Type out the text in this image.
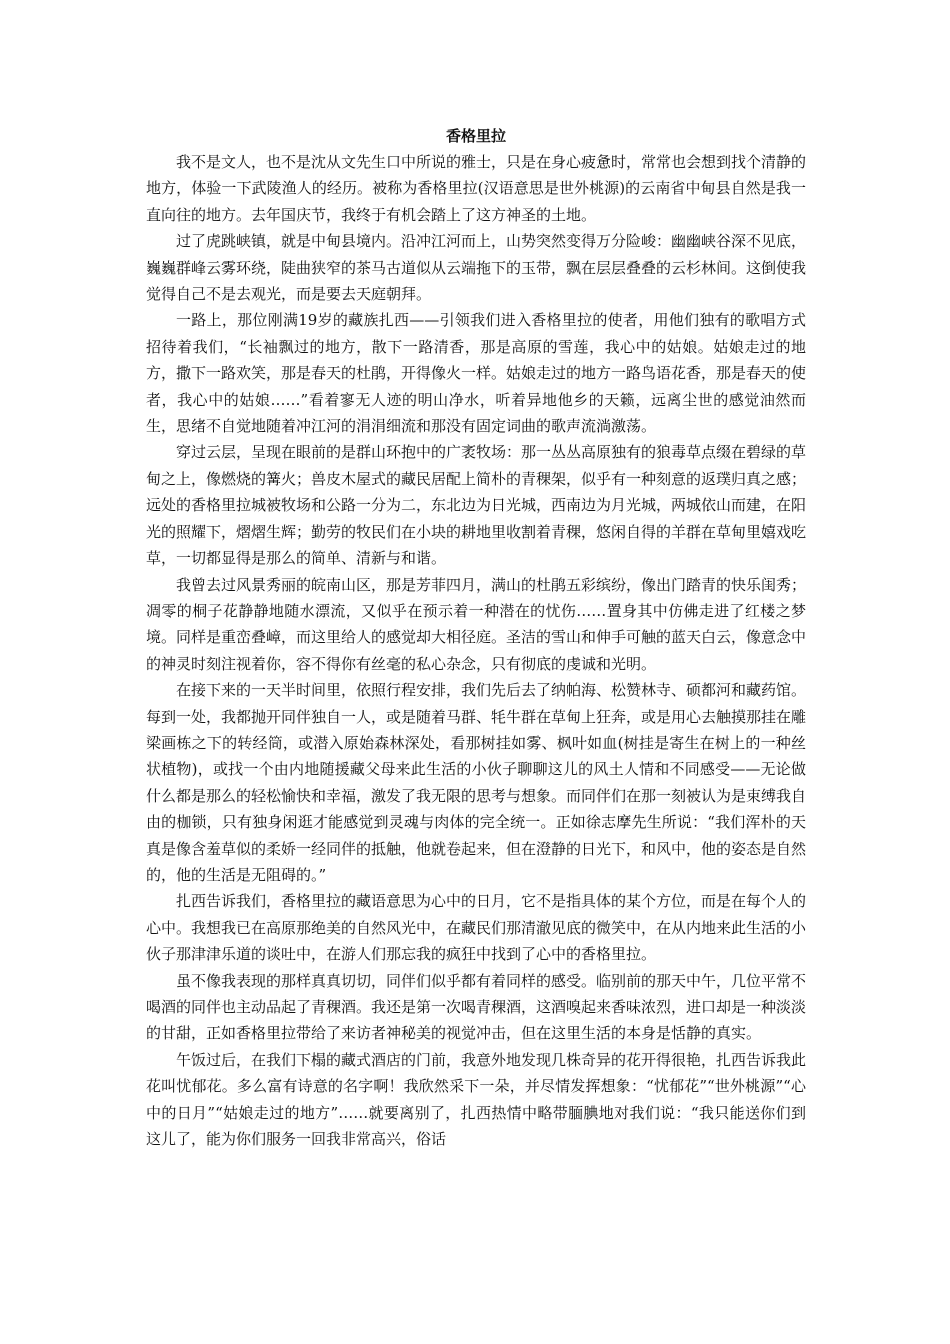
香格里拉

我不是文人，也不是沈从文先生口中所说的雅士，只是在身心疲惫时，常常也会想到找个清静的地方，体验一下武陵渔人的经历。被称为香格里拉(汉语意思是世外桃源)的云南省中甸县自然是我一直向往的地方。去年国庆节，我终于有机会踏上了这方神圣的土地。

过了虎跳峡镇，就是中甸县境内。沿冲江河而上，山势突然变得万分险峻：幽幽峡谷深不见底，巍巍群峰云雾环绕，陡曲狭窄的茶马古道似从云端拖下的玉带，飘在层层叠叠的云杉林间。这倒使我觉得自己不是去观光，而是要去天庭朝拜。

一路上，那位刚满19岁的藏族扎西——引领我们进入香格里拉的使者，用他们独有的歌唱方式招待着我们，“长袖飘过的地方，散下一路清香，那是高原的雪莲，我心中的姑娘。姑娘走过的地方，撒下一路欢笑，那是春天的杜鹃，开得像火一样。姑娘走过的地方一路鸟语花香，那是春天的使者，我心中的姑娘……”看着寥无人迹的明山净水，听着异地他乡的天籁，远离尘世的感觉油然而生，思绪不自觉地随着冲江河的涓涓细流和那没有固定词曲的歌声流淌激荡。

穿过云层，呈现在眼前的是群山环抱中的广袤牧场：那一丛丛高原独有的狼毒草点缀在碧绿的草甸之上，像燃烧的篝火；兽皮木屋式的藏民居配上简朴的青稞架，似乎有一种刻意的返璞归真之感；远处的香格里拉城被牧场和公路一分为二，东北边为日光城，西南边为月光城，两城依山而建，在阳光的照耀下，熠熠生辉；勤劳的牧民们在小块的耕地里收割着青稞，悠闲自得的羊群在草甸里嬉戏吃草，一切都显得是那么的简单、清新与和谐。

我曾去过风景秀丽的皖南山区，那是芳菲四月，满山的杜鹃五彩缤纷，像出门踏青的快乐闺秀；凋零的桐子花静静地随水漂流，又似乎在预示着一种潜在的忧伤……置身其中仿佛走进了红楼之梦境。同样是重峦叠嶂，而这里给人的感觉却大相径庭。圣洁的雪山和伸手可触的蓝天白云，像意念中的神灵时刻注视着你，容不得你有丝毫的私心杂念，只有彻底的虔诚和光明。

在接下来的一天半时间里，依照行程安排，我们先后去了纳帕海、松赞林寺、硕都河和藏药馆。每到一处，我都抛开同伴独自一人，或是随着马群、牦牛群在草甸上狂奔，或是用心去触摸那挂在雕梁画栋之下的转经筒，或潜入原始森林深处，看那树挂如雾、枫叶如血(树挂是寄生在树上的一种丝状植物)，或找一个由内地随援藏父母来此生活的小伙子聊聊这儿的风土人情和不同感受——无论做什么都是那么的轻松愉快和幸福，激发了我无限的思考与想象。而同伴们在那一刻被认为是束缚我自由的枷锁，只有独身闲逛才能感觉到灵魂与肉体的完全统一。正如徐志摩先生所说：“我们浑朴的天真是像含羞草似的柔娇一经同伴的抵触，他就卷起来，但在澄静的日光下，和风中，他的姿态是自然的，他的生活是无阻碍的。”

扎西告诉我们，香格里拉的藏语意思为心中的日月，它不是指具体的某个方位，而是在每个人的心中。我想我已在高原那绝美的自然风光中，在藏民们那清澈见底的微笑中，在从内地来此生活的小伙子那津津乐道的谈吐中，在游人们那忘我的疯狂中找到了心中的香格里拉。

虽不像我表现的那样真真切切，同伴们似乎都有着同样的感受。临别前的那天中午，几位平常不喝酒的同伴也主动品起了青稞酒。我还是第一次喝青稞酒，这酒嗅起来香味浓烈，进口却是一种淡淡的甘甜，正如香格里拉带给了来访者神秘美的视觉冲击，但在这里生活的本身是恬静的真实。

午饭过后，在我们下榻的藏式酒店的门前，我意外地发现几株奇异的花开得很艳，扎西告诉我此花叫忧郁花。多么富有诗意的名字啊！我欣然采下一朵，并尽情发挥想象：“忧郁花”“世外桃源”“心中的日月”“姑娘走过的地方”……就要离别了，扎西热情中略带腼腆地对我们说：“我只能送你们到这儿了，能为你们服务一回我非常高兴，俗话
